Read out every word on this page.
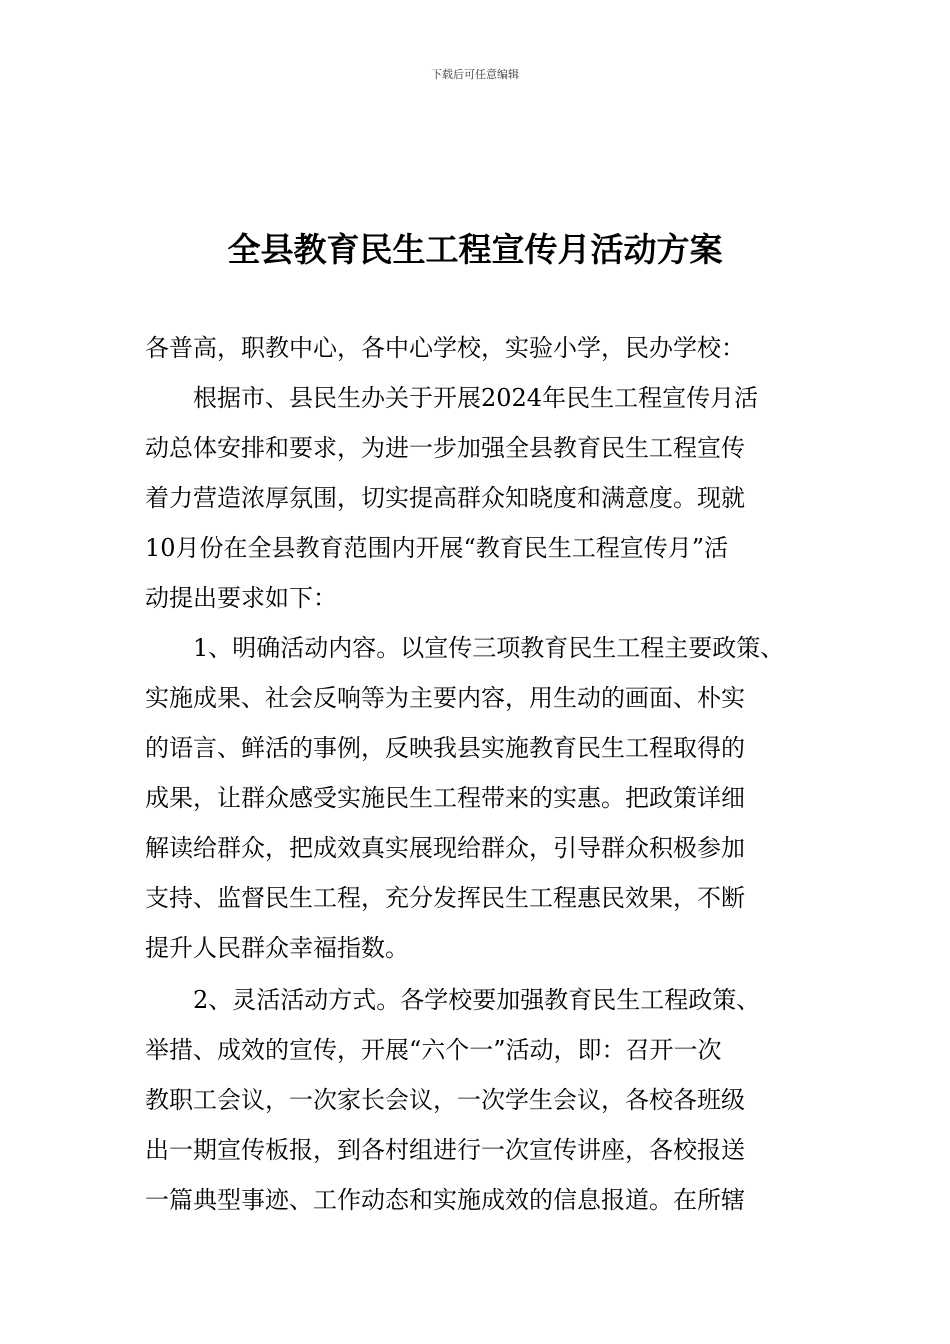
下载后可任意编辑
全县教育民生工程宣传月活动方案
各普高，职教中心，各中心学校，实验小学，民办学校：
　　根据市、县民生办关于开展2024年民生工程宣传月活
动总体安排和要求，为进一步加强全县教育民生工程宣传
着力营造浓厚氛围，切实提高群众知晓度和满意度。现就
10月份在全县教育范围内开展“教育民生工程宣传月”活
动提出要求如下：
　　1、明确活动内容。以宣传三项教育民生工程主要政策、
实施成果、社会反响等为主要内容，用生动的画面、朴实
的语言、鲜活的事例，反映我县实施教育民生工程取得的
成果，让群众感受实施民生工程带来的实惠。把政策详细
解读给群众，把成效真实展现给群众，引导群众积极参加
支持、监督民生工程，充分发挥民生工程惠民效果，不断
提升人民群众幸福指数。
　　2、灵活活动方式。各学校要加强教育民生工程政策、
举措、成效的宣传，开展“六个一”活动，即：召开一次
教职工会议，一次家长会议，一次学生会议，各校各班级
出一期宣传板报，到各村组进行一次宣传讲座，各校报送
一篇典型事迹、工作动态和实施成效的信息报道。在所辖
